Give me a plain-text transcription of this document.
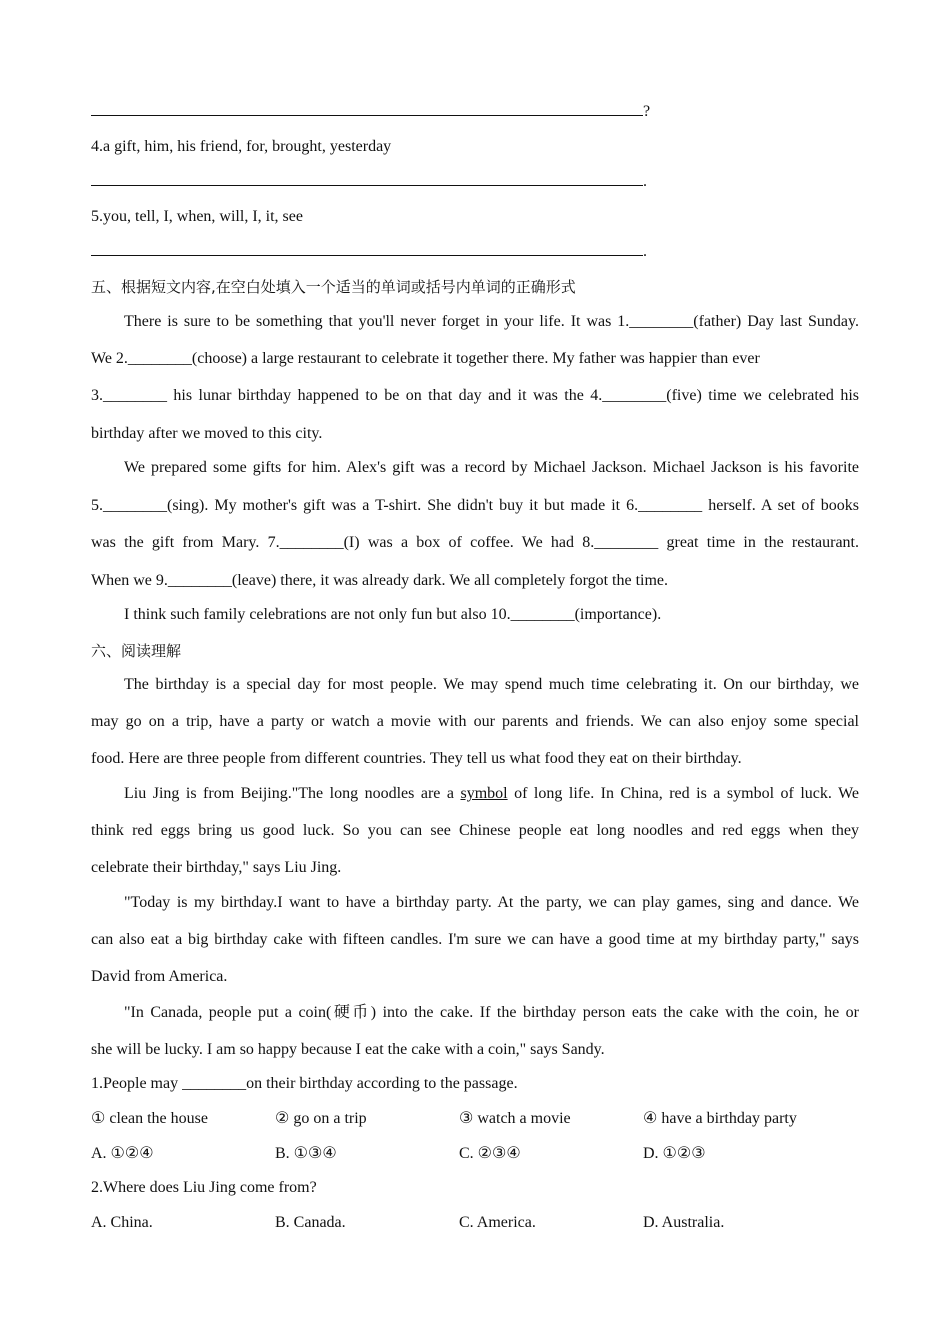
?
4.a gift, him, his friend, for, brought, yesterday
.
5.you, tell, I, when, will, I, it, see
.
五、根据短文内容,在空白处填入一个适当的单词或括号内单词的正确形式
There is sure to be something that you'll never forget in your life. It was 1.________(father) Day last Sunday.
We 2.________(choose) a large restaurant to celebrate it together there. My father was happier than ever
3.________ his lunar birthday happened to be on that day and it was the 4.________(five) time we celebrated his
birthday after we moved to this city.
We prepared some gifts for him. Alex's gift was a record by Michael Jackson. Michael Jackson is his favorite
5.________(sing). My mother's gift was a T-shirt. She didn't buy it but made it 6.________ herself. A set of books
was the gift from Mary. 7.________(I) was a box of coffee. We had 8.________ great time in the restaurant.
When we 9.________(leave) there, it was already dark. We all completely forgot the time.
I think such family celebrations are not only fun but also 10.________(importance).
六、阅读理解
The birthday is a special day for most people. We may spend much time celebrating it. On our birthday, we
may go on a trip, have a party or watch a movie with our parents and friends. We can also enjoy some special
food. Here are three people from different countries. They tell us what food they eat on their birthday.
Liu Jing is from Beijing."The long noodles are a symbol of long life. In China, red is a symbol of luck. We
think red eggs bring us good luck. So you can see Chinese people eat long noodles and red eggs when they
celebrate their birthday," says Liu Jing.
"Today is my birthday.I want to have a birthday party. At the party, we can play games, sing and dance. We
can also eat a big birthday cake with fifteen candles. I'm sure we can have a good time at my birthday party," says
David from America.
"In Canada, people put a coin(硬币) into the cake. If the birthday person eats the cake with the coin, he or
she will be lucky. I am so happy because I eat the cake with a coin," says Sandy.
1.People may ________on their birthday according to the passage.
① clean the house	② go on a trip	③ watch a movie	④ have a birthday party
A. ①②④	B. ①③④	C. ②③④	D. ①②③
2.Where does Liu Jing come from?
A. China.	B. Canada.	C. America.	D. Australia.
